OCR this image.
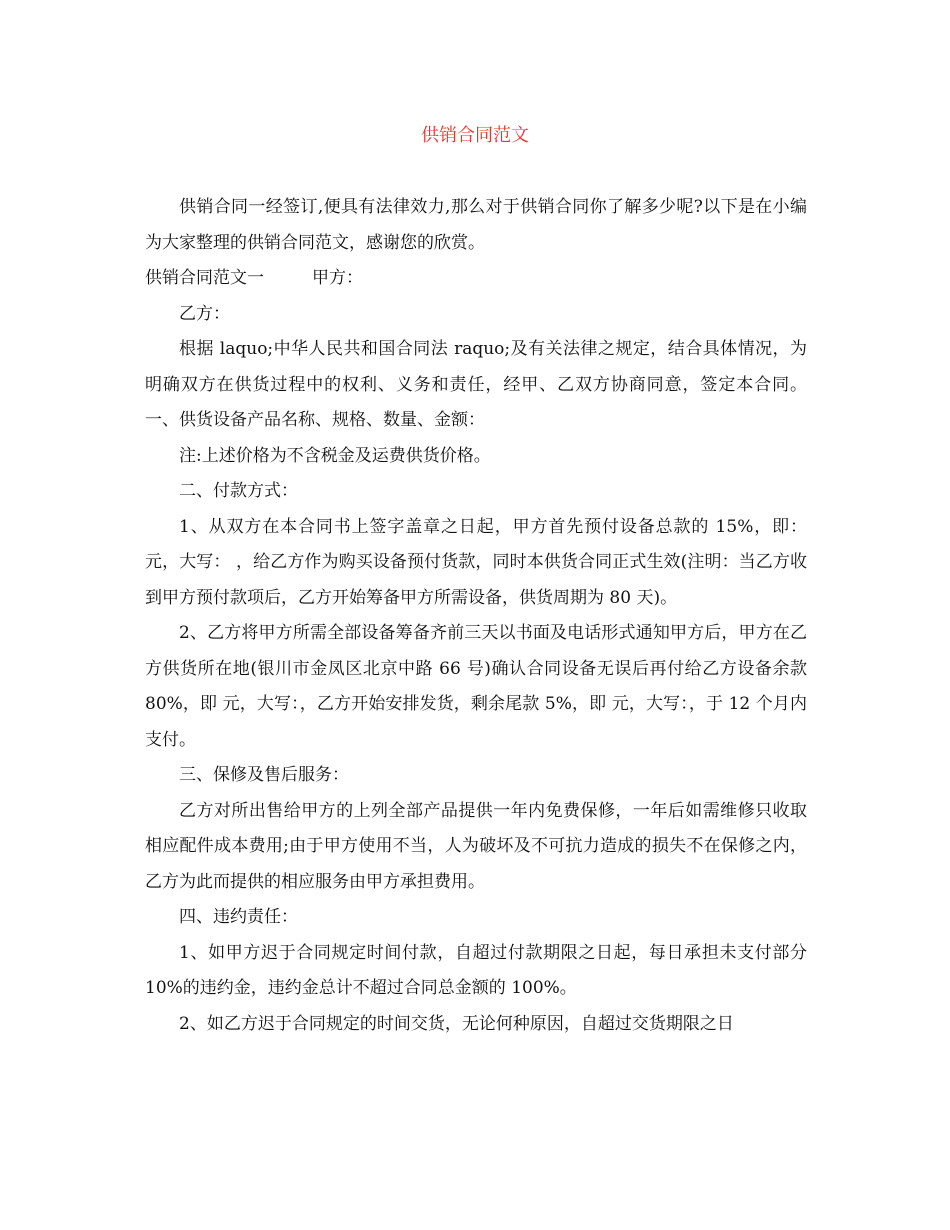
供销合同范文

供销合同一经签订,便具有法律效力,那么对于供销合同你了解多少呢?以下是在小编为大家整理的供销合同范文，感谢您的欣赏。

供销合同范文一	甲方：

乙方：

根据 laquo;中华人民共和国合同法 raquo;及有关法律之规定，结合具体情况，为明确双方在供货过程中的权利、义务和责任，经甲、乙双方协商同意，签定本合同。 一、供货设备产品名称、规格、数量、金额：

注:上述价格为不含税金及运费供货价格。

二、付款方式：

1、从双方在本合同书上签字盖章之日起，甲方首先预付设备总款的 15%，即： 元，大写： ，给乙方作为购买设备预付货款，同时本供货合同正式生效(注明：当乙方收到甲方预付款项后，乙方开始筹备甲方所需设备，供货周期为 80 天)。

2、乙方将甲方所需全部设备筹备齐前三天以书面及电话形式通知甲方后，甲方在乙方供货所在地(银川市金凤区北京中路 66 号)确认合同设备无误后再付给乙方设备余款 80%，即 元，大写：，乙方开始安排发货，剩余尾款 5%，即 元，大写：，于 12 个月内支付。

三、保修及售后服务：

乙方对所出售给甲方的上列全部产品提供一年内免费保修，一年后如需维修只收取相应配件成本费用;由于甲方使用不当，人为破坏及不可抗力造成的损失不在保修之内，乙方为此而提供的相应服务由甲方承担费用。

四、违约责任：

1、如甲方迟于合同规定时间付款，自超过付款期限之日起，每日承担未支付部分 10%的违约金，违约金总计不超过合同总金额的 100%。

2、如乙方迟于合同规定的时间交货，无论何种原因，自超过交货期限之日
